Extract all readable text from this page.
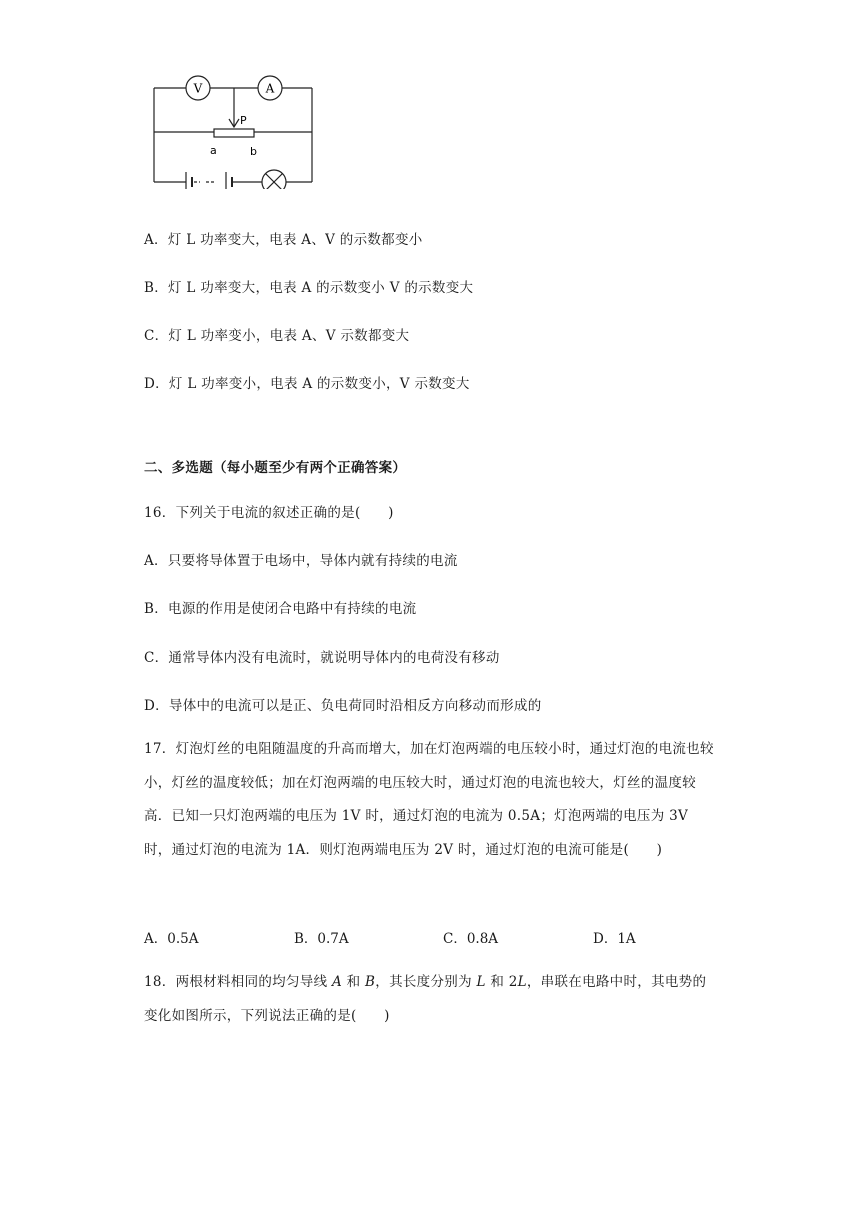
V	A
P
a	b
A．灯 L 功率变大，电表 A、V 的示数都变小
B．灯 L 功率变大，电表 A 的示数变小 V 的示数变大
C．灯 L 功率变小，电表 A、V 示数都变大
D．灯 L 功率变小，电表 A 的示数变小，V 示数变大
二、多选题（每小题至少有两个正确答案）
16．下列关于电流的叙述正确的是(　　)
A．只要将导体置于电场中，导体内就有持续的电流
B．电源的作用是使闭合电路中有持续的电流
C．通常导体内没有电流时，就说明导体内的电荷没有移动
D．导体中的电流可以是正、负电荷同时沿相反方向移动而形成的
17．灯泡灯丝的电阻随温度的升高而增大，加在灯泡两端的电压较小时，通过灯泡的电流也较小，灯丝的温度较低；加在灯泡两端的电压较大时，通过灯泡的电流也较大，灯丝的温度较高．已知一只灯泡两端的电压为 1V 时，通过灯泡的电流为 0.5A；灯泡两端的电压为 3V 时，通过灯泡的电流为 1A．则灯泡两端电压为 2V 时，通过灯泡的电流可能是(　　)
A．0.5A	B．0.7A	C．0.8A	D．1A
18．两根材料相同的均匀导线 A 和 B，其长度分别为 L 和 2L，串联在电路中时，其电势的变化如图所示，下列说法正确的是(　　)
